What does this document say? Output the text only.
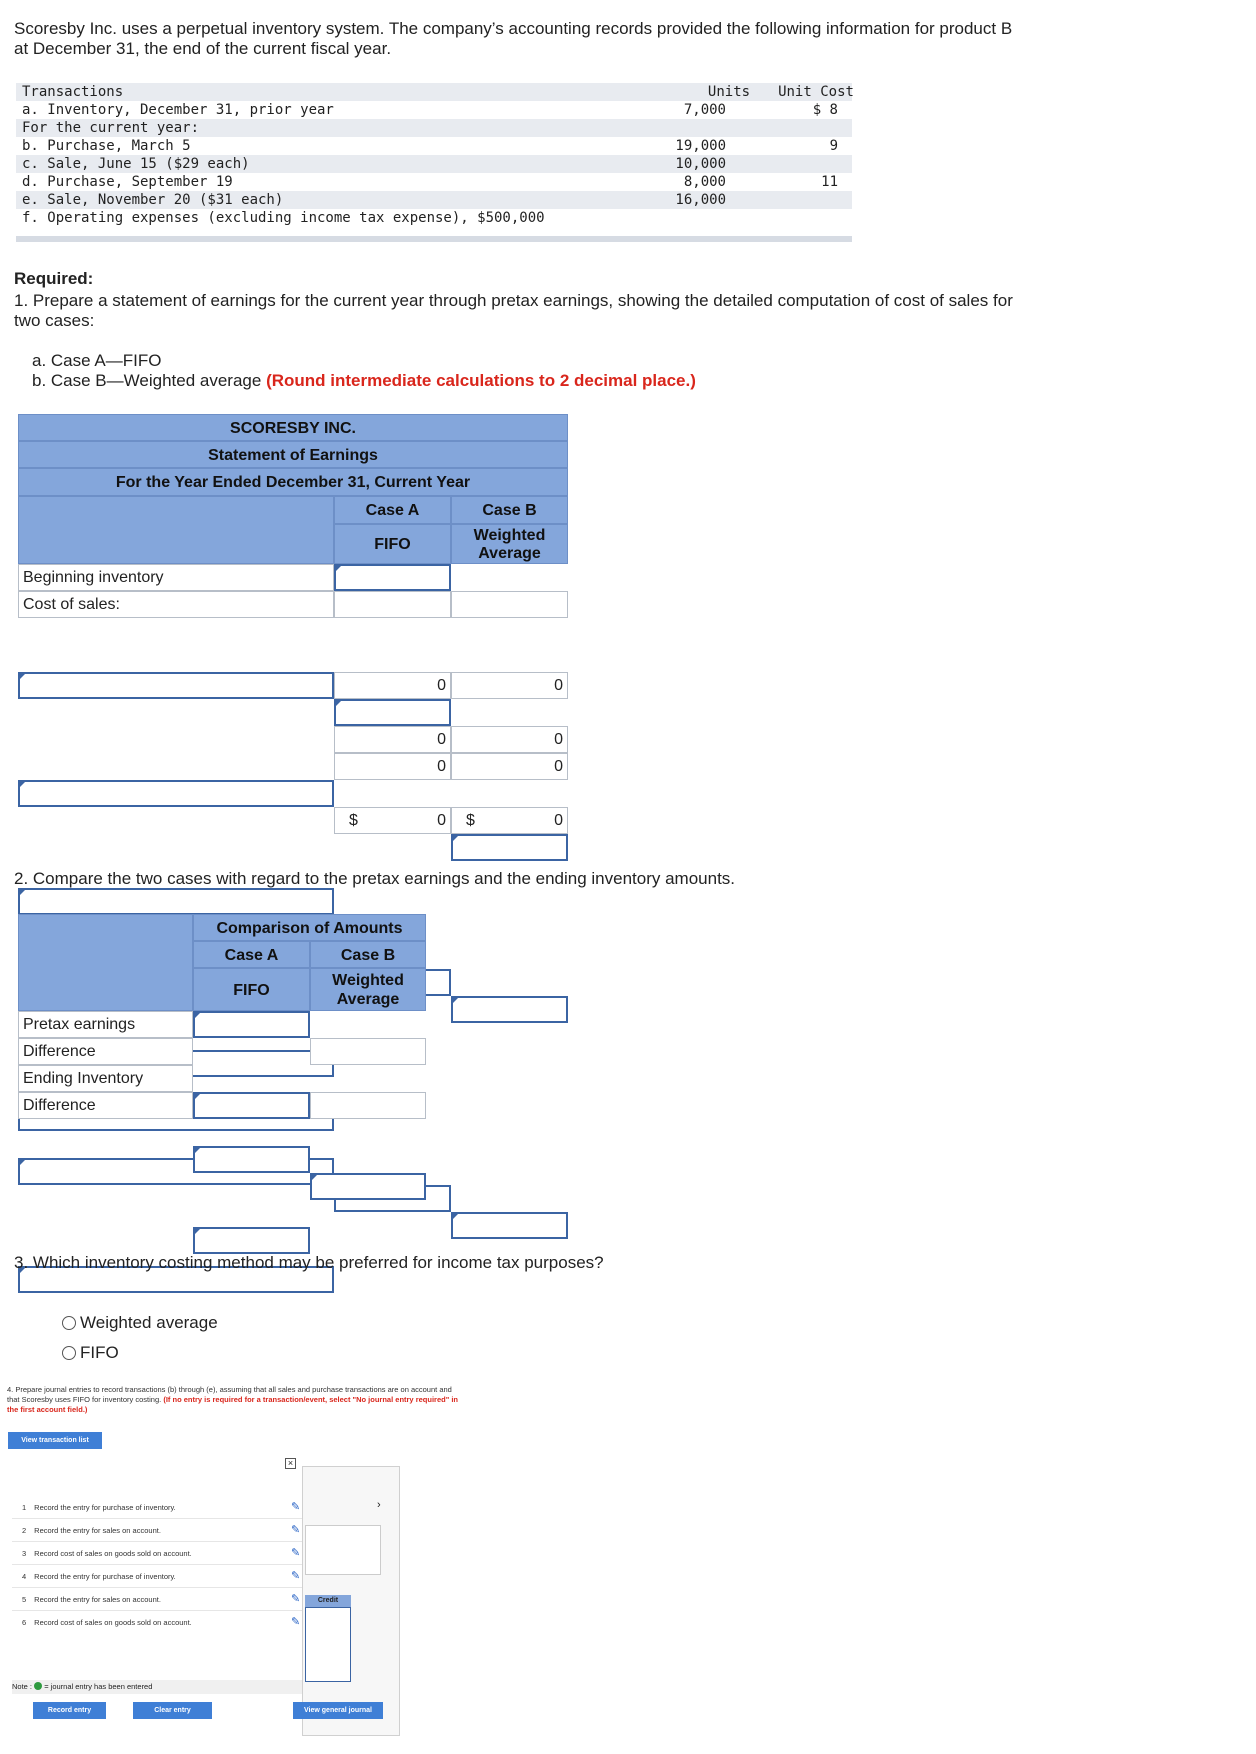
Scoresby Inc. uses a perpetual inventory system. The company’s accounting records provided the following information for product B
at December 31, the end of the current fiscal year.
Transactions	Units	Unit Cost
a. Inventory, December 31, prior year	7,000	$ 8
For the current year:
b. Purchase, March 5	19,000	9
c. Sale, June 15 ($29 each)	10,000
d. Purchase, September 19	8,000	11
e. Sale, November 20 ($31 each)	16,000
f. Operating expenses (excluding income tax expense), $500,000
Required:
1. Prepare a statement of earnings for the current year through pretax earnings, showing the detailed computation of cost of sales for
two cases:
a. Case A—FIFO
b. Case B—Weighted average (Round intermediate calculations to 2 decimal place.)
SCORESBY INC.
Statement of Earnings
For the Year Ended December 31, Current Year
Case A	Case B
FIFO
Weighted
Average
Beginning inventory
Cost of sales:
0	0
0	0
0	0
$	0 $	0
2. Compare the two cases with regard to the pretax earnings and the ending inventory amounts.
Comparison of Amounts
Case A	Case B
FIFO
Weighted
Average
Pretax earnings
Difference
Ending Inventory
Difference
3. Which inventory costing method may be preferred for income tax purposes?
Weighted average
FIFO
4. Prepare journal entries to record transactions (b) through (e), assuming that all sales and purchase transactions are on account and
that Scoresby uses FIFO for inventory costing. (If no entry is required for a transaction/event, select "No journal entry required" in
the first account field.)
View transaction list
×
1 Record the entry for purchase of inventory.	✎
2 Record the entry for sales on account.	✎
3 Record cost of sales on goods sold on account.	✎
4 Record the entry for purchase of inventory.	✎
5 Record the entry for sales on account.	✎
6 Record cost of sales on goods sold on account.	✎
›
Credit
Note : = journal entry has been entered
Record entry	Clear entry	View general journal
